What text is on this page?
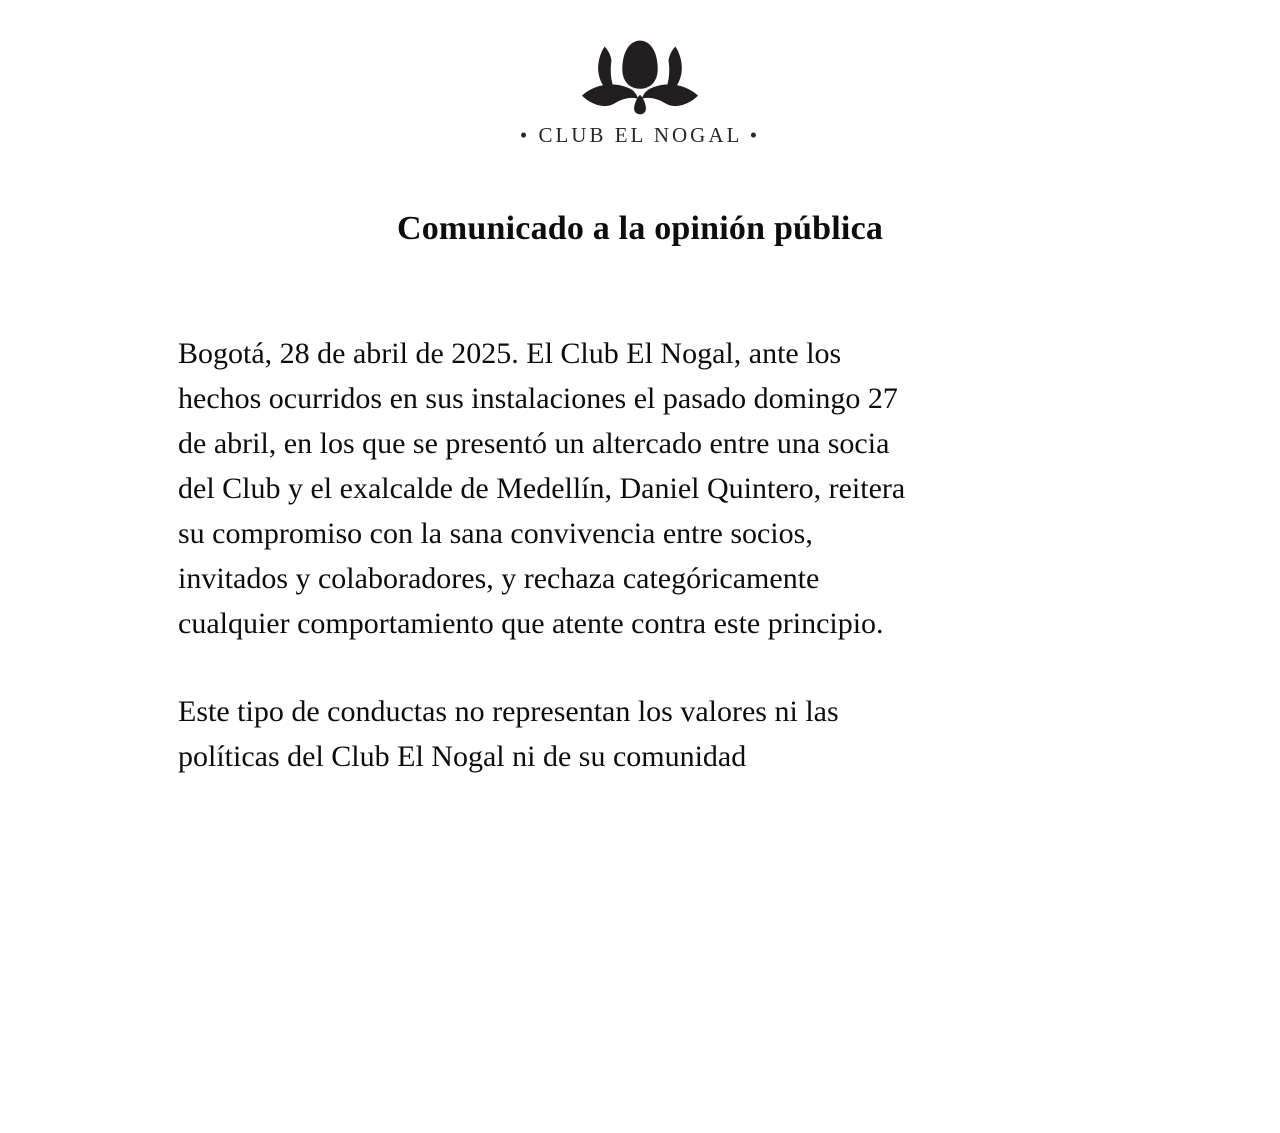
• CLUB EL NOGAL •
Comunicado a la opinión pública

Bogotá, 28 de abril de 2025. El Club El Nogal, ante los
hechos ocurridos en sus instalaciones el pasado domingo 27
de abril, en los que se presentó un altercado entre una socia
del Club y el exalcalde de Medellín, Daniel Quintero, reitera
su compromiso con la sana convivencia entre socios,
invitados y colaboradores, y rechaza categóricamente
cualquier comportamiento que atente contra este principio.

Este tipo de conductas no representan los valores ni las
políticas del Club El Nogal ni de su comunidad
